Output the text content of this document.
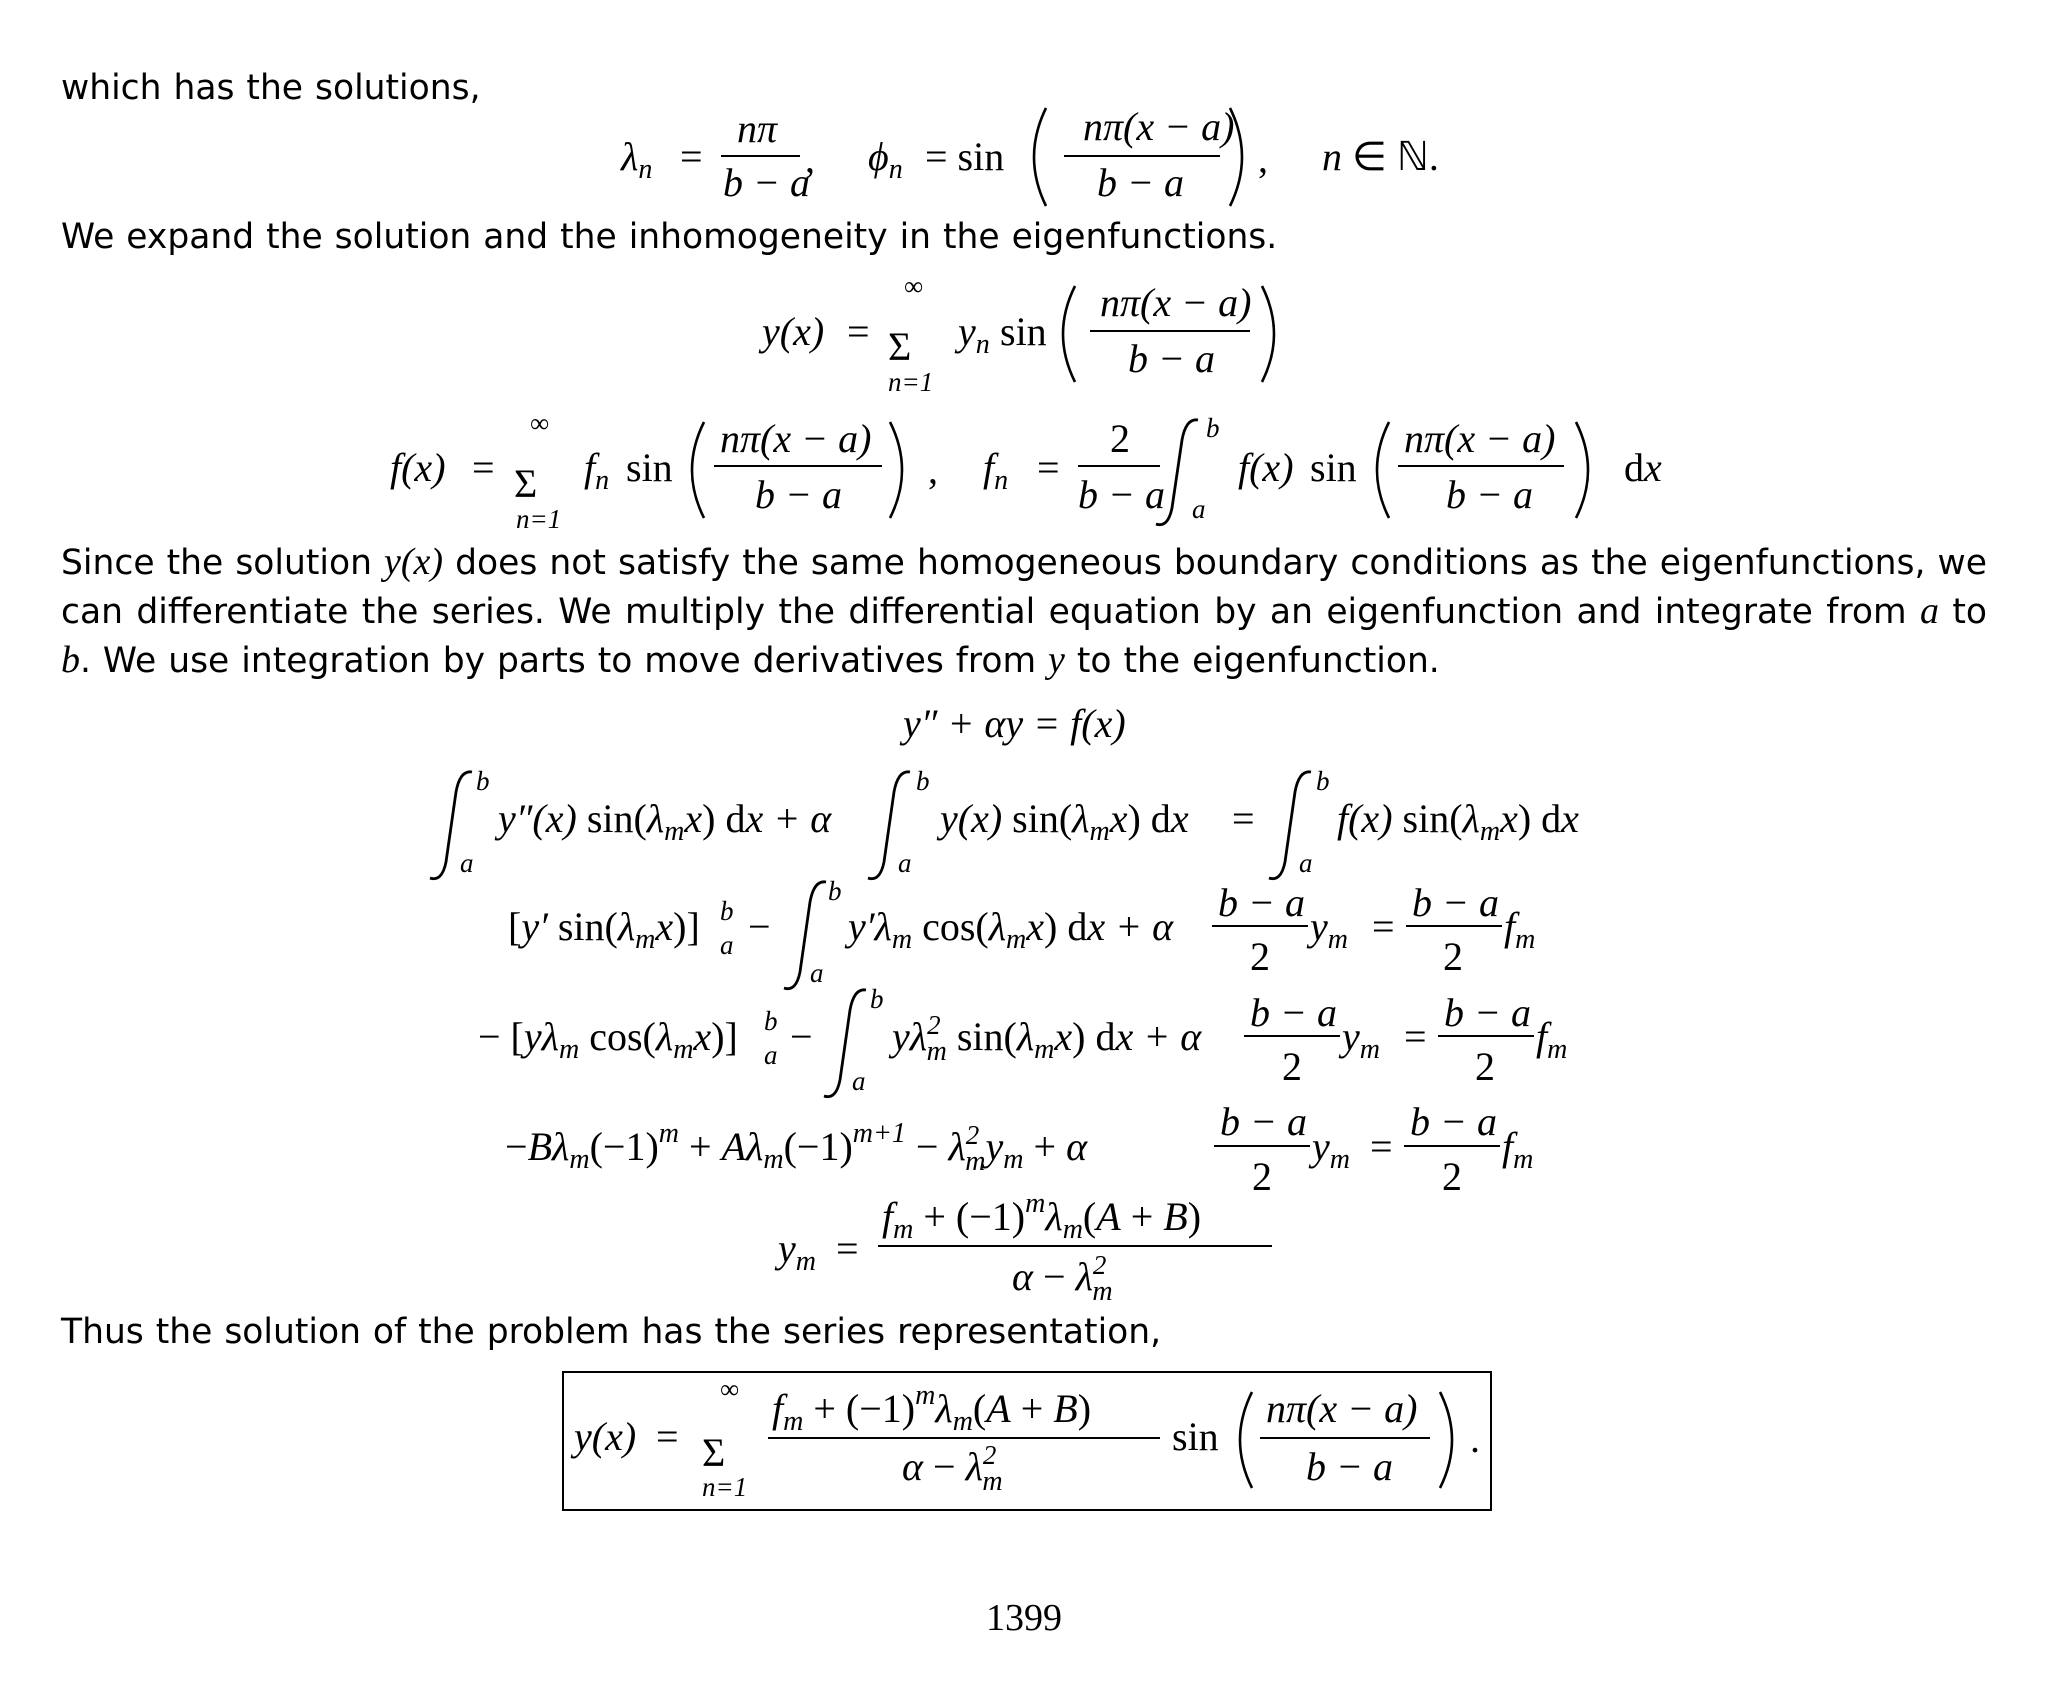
which has the solutions,
We expand the solution and the inhomogeneity in the eigenfunctions.
Since the solution y(x) does not satisfy the same homogeneous boundary conditions as the eigenfunctions, we can differentiate the series. We multiply the differential equation by an eigenfunction and integrate from a to b. We use integration by parts to move derivatives from y to the eigenfunction.
Thus the solution of the problem has the series representation,
$\lambda_n$ =
nπ
b − a
, $\phi_n = \sin$
nπ(x − a)
b − a
, n ∈ ℕ.
y(x) =
∞
Σ
n=1
$y_n$ sin
nπ(x − a)
b − a
f(x) =
∞
Σ
n=1
$f_n$ sin
nπ(x − a)
b − a
, $f_n$ =
2
b − a
b
a
f(x) sin
nπ(x − a)
b − a
dx
y″ + αy = f(x)
b
a
y″(x) $\sin(\lambda_mx)$ dx + α
b
a
y(x) $\sin(\lambda_mx)$ dx =
b
a
f(x) $\sin(\lambda_mx)$ dx
[y′ $\sin(\lambda_mx)$] b
a −
b
a
$y'\lambda_m$ $\cos(\lambda_mx)$ dx + α
b − a
2
$y_m$ =
b − a
2
$f_m$
− [$y\lambda_m$ $\cos(\lambda_mx)$] b
a −
b
a
$y\lambda^2$ m $\sin(\lambda_mx)$ dx + α
b − a
2
$y_m$ =
b − a
2
$f_m$
$-B\lambda_m(-1)^m + A\lambda_m(-1)^{m+1} - \lambda^2$ $my_m + \alpha$
b − a
2
$y_m$ =
b − a
2
$f_m$
$y_m$ =
$f_m + (-1)^m\lambda_m(A + B)$
$\alpha - \lambda^2$ m
y(x) =
∞
Σ
n=1
$f_m + (-1)^m\lambda_m(A + B)$
$\alpha - \lambda^2$ m
sin
nπ(x − a)
b − a
.
1399
